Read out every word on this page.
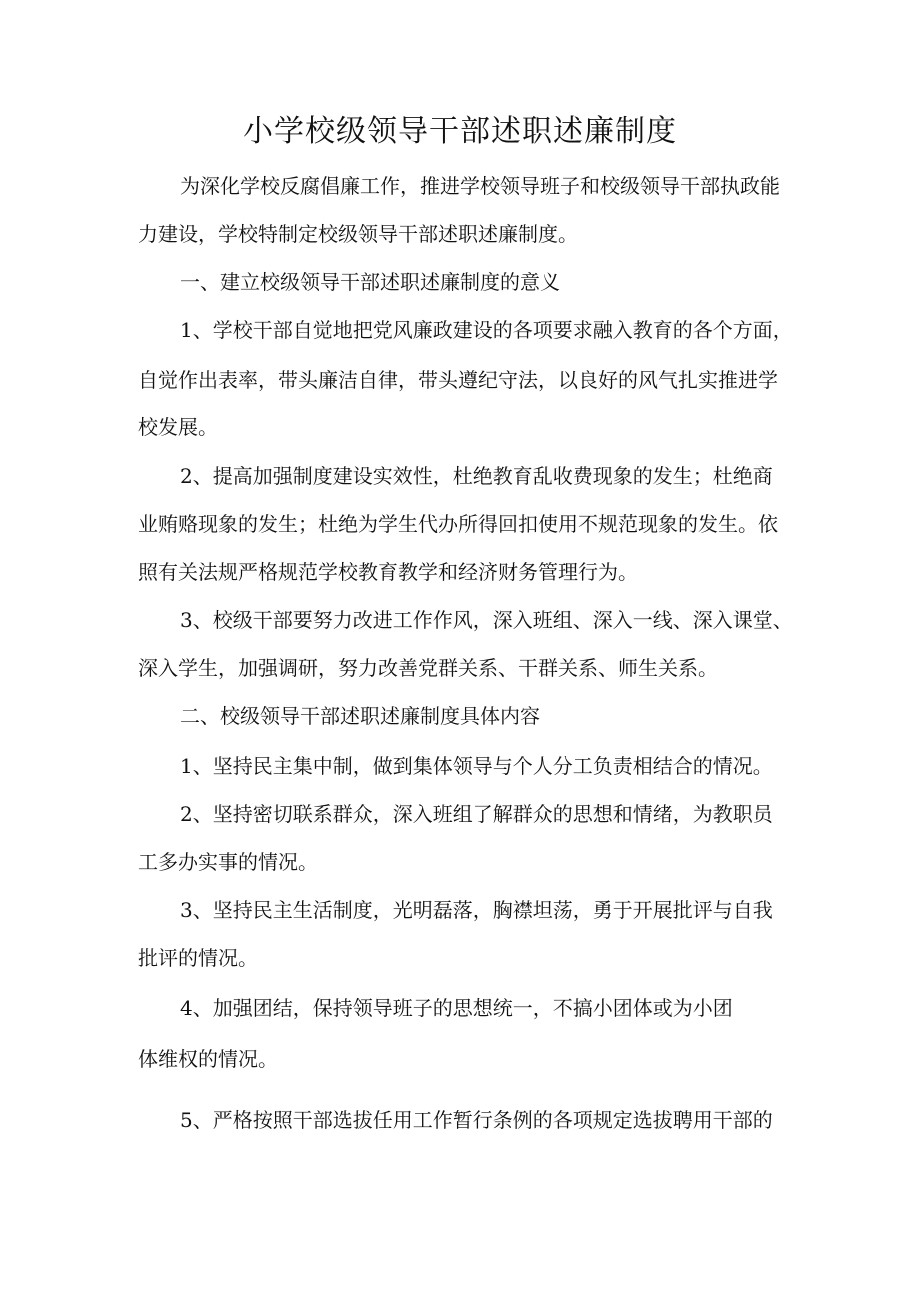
小学校级领导干部述职述廉制度

为深化学校反腐倡廉工作，推进学校领导班子和校级领导干部执政能

力建设，学校特制定校级领导干部述职述廉制度。

一、建立校级领导干部述职述廉制度的意义

1、学校干部自觉地把党风廉政建设的各项要求融入教育的各个方面，

自觉作出表率，带头廉洁自律，带头遵纪守法，以良好的风气扎实推进学

校发展。

2、提高加强制度建设实效性，杜绝教育乱收费现象的发生；杜绝商

业贿赂现象的发生；杜绝为学生代办所得回扣使用不规范现象的发生。依

照有关法规严格规范学校教育教学和经济财务管理行为。

3、校级干部要努力改进工作作风，深入班组、深入一线、深入课堂、

深入学生，加强调研，努力改善党群关系、干群关系、师生关系。

二、校级领导干部述职述廉制度具体内容

1、坚持民主集中制，做到集体领导与个人分工负责相结合的情况。

2、坚持密切联系群众，深入班组了解群众的思想和情绪，为教职员

工多办实事的情况。

3、坚持民主生活制度，光明磊落，胸襟坦荡，勇于开展批评与自我

批评的情况。

4、加强团结，保持领导班子的思想统一，不搞小团体或为小团

体维权的情况。

5、严格按照干部选拔任用工作暂行条例的各项规定选拔聘用干部的
